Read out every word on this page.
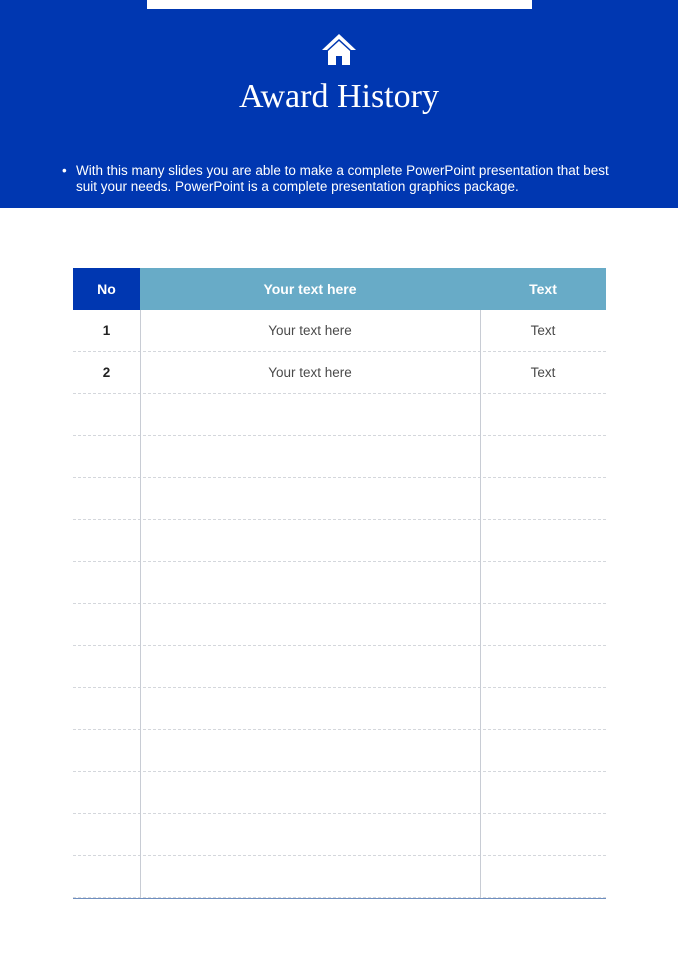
Award History
• With this many slides you are able to make a complete PowerPoint presentation that best suit your needs. PowerPoint is a complete presentation graphics package.
No	Your text here	Text
1	Your text here	Text
2	Your text here	Text
